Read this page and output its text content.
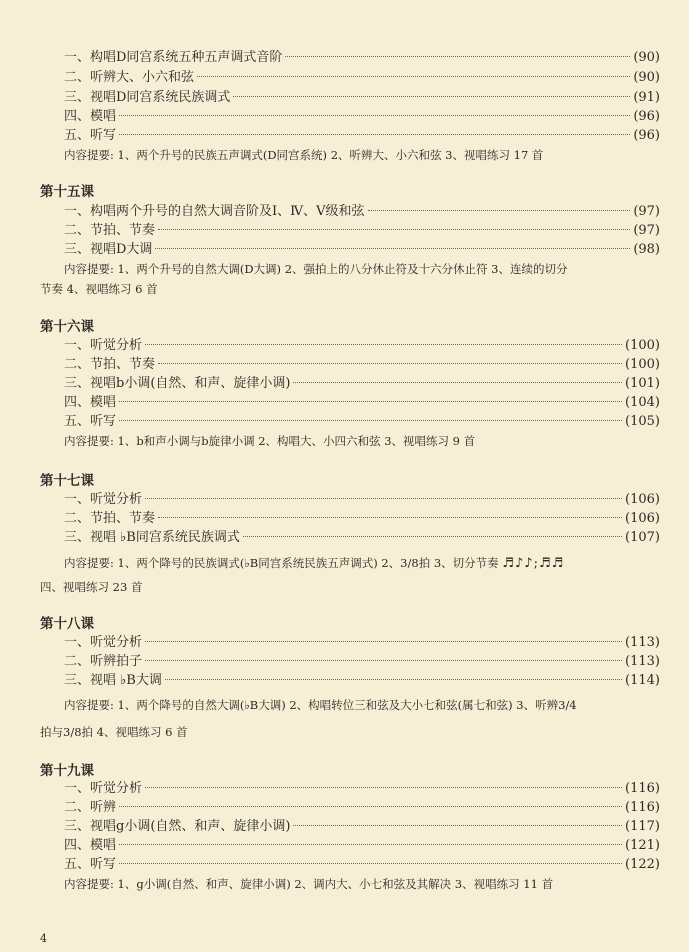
一、构唱D同宫系统五种五声调式音阶	(90)
二、听辨大、小六和弦	(90)
三、视唱D同宫系统民族调式	(91)
四、模唱	(96)
五、听写	(96)
内容提要: 1、两个升号的民族五声调式(D同宫系统) 2、听辨大、小六和弦 3、视唱练习 17 首
第十五课
一、构唱两个升号的自然大调音阶及Ⅰ、Ⅳ、Ⅴ级和弦	(97)
二、节拍、节奏	(97)
三、视唱D大调	(98)
内容提要: 1、两个升号的自然大调(D大调) 2、强拍上的八分休止符及十六分休止符 3、连续的切分
节奏 4、视唱练习 6 首
第十六课
一、听觉分析	(100)
二、节拍、节奏	(100)
三、视唱b小调(自然、和声、旋律小调)	(101)
四、模唱	(104)
五、听写	(105)
内容提要: 1、b和声小调与b旋律小调 2、构唱大、小四六和弦 3、视唱练习 9 首
第十七课
一、听觉分析	(106)
二、节拍、节奏	(106)
三、视唱 ♭B同宫系统民族调式	(107)
内容提要: 1、两个降号的民族调式(♭B同宫系统民族五声调式) 2、3/8拍 3、切分节奏 ♬♪♪;♬♬
四、视唱练习 23 首
第十八课
一、听觉分析	(113)
二、听辨拍子	(113)
三、视唱 ♭B大调	(114)
内容提要: 1、两个降号的自然大调(♭B大调) 2、构唱转位三和弦及大小七和弦(属七和弦) 3、听辨3/4
拍与3/8拍 4、视唱练习 6 首
第十九课
一、听觉分析	(116)
二、听辨	(116)
三、视唱g小调(自然、和声、旋律小调)	(117)
四、模唱	(121)
五、听写	(122)
内容提要: 1、g小调(自然、和声、旋律小调) 2、调内大、小七和弦及其解决 3、视唱练习 11 首
4
